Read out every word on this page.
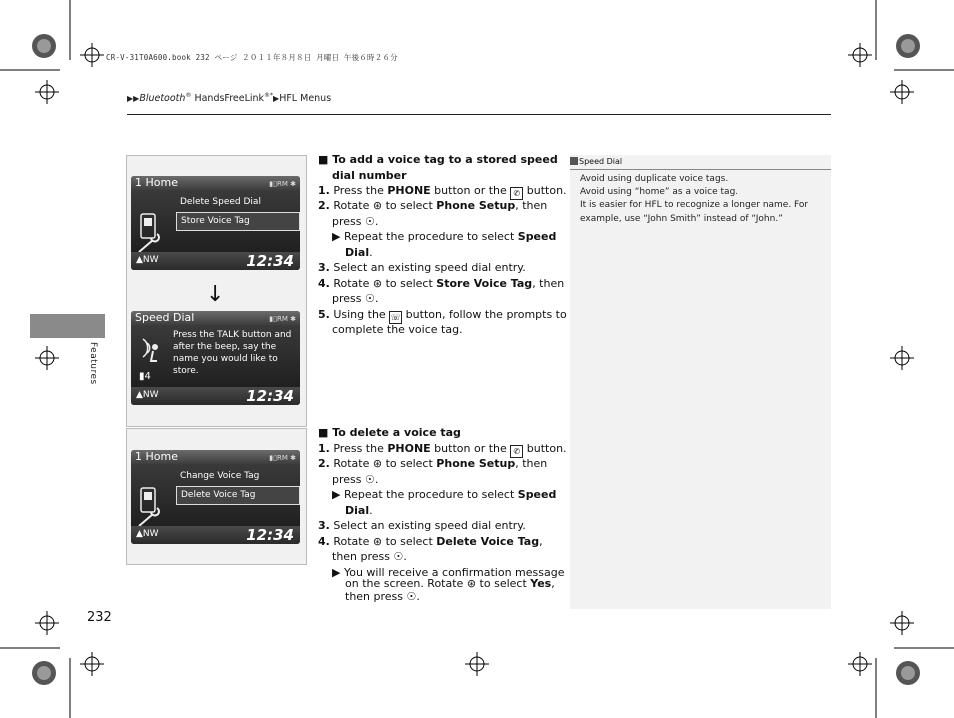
CR-V-31T0A600.book 232 ページ ２０１１年８月８日 月曜日 午後６時２６分
▶▶Bluetooth® HandsFreeLink®*▶HFL Menus
Features
232
1 Home	▮▯RM ✱
Delete Speed Dial
Store Voice Tag
▲NW	12:34
↓
Speed Dial	▮▯RM ✱
▮4
Press the TALK button and after the beep, say the name you would like to store.
▲NW	12:34
1 Home	▮▯RM ✱
Change Voice Tag
Delete Voice Tag
▲NW	12:34
■ To add a voice tag to a stored speed
dial number
1. Press the PHONE button or the ✆ button.
2. Rotate ⊛ to select Phone Setup, then
press ☉.
▶ Repeat the procedure to select Speed
Dial.
3. Select an existing speed dial entry.
4. Rotate ⊛ to select Store Voice Tag, then
press ☉.
5. Using the ☏ button, follow the prompts to
complete the voice tag.
■ To delete a voice tag
1. Press the PHONE button or the ✆ button.
2. Rotate ⊛ to select Phone Setup, then
press ☉.
▶ Repeat the procedure to select Speed
Dial.
3. Select an existing speed dial entry.
4. Rotate ⊛ to select Delete Voice Tag,
then press ☉.
▶ You will receive a confirmation message
on the screen. Rotate ⊛ to select Yes,
then press ☉.
Speed Dial
Avoid using duplicate voice tags.
Avoid using “home” as a voice tag.
It is easier for HFL to recognize a longer name. For
example, use “John Smith” instead of “John.”
